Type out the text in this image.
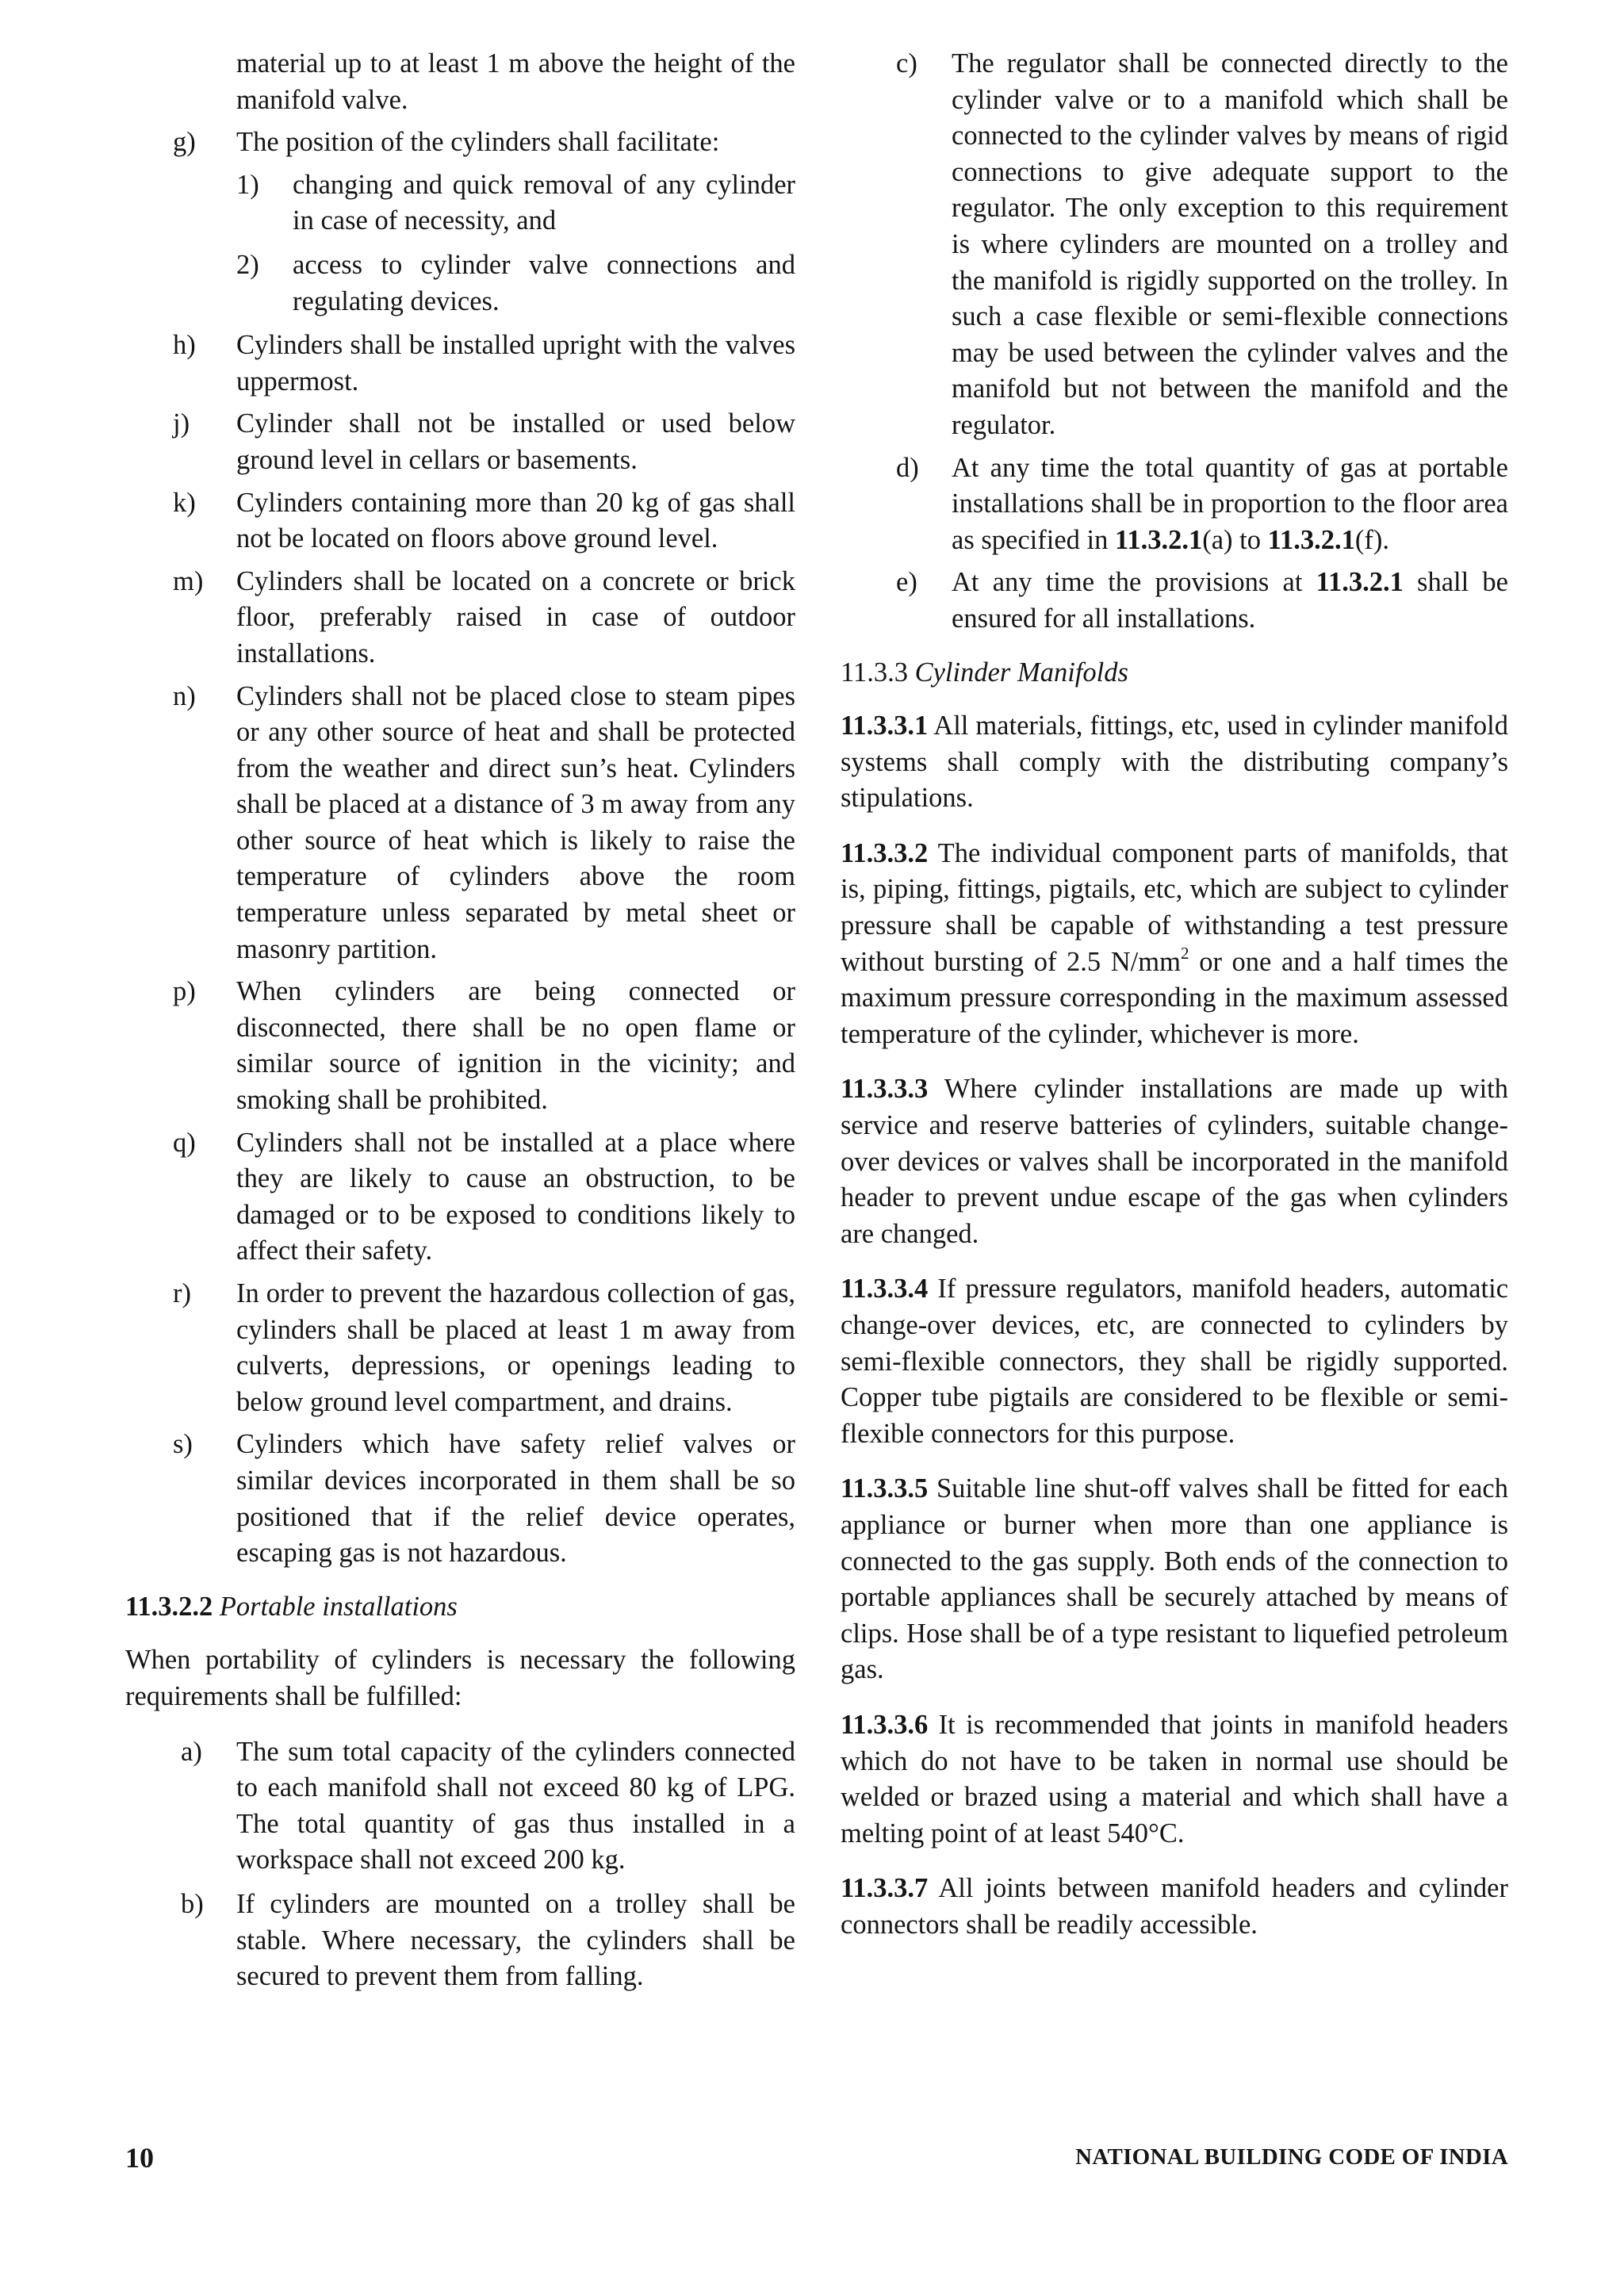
material up to at least 1 m above the height of the manifold valve.
g) The position of the cylinders shall facilitate:
1) changing and quick removal of any cylinder in case of necessity, and
2) access to cylinder valve connections and regulating devices.
h) Cylinders shall be installed upright with the valves uppermost.
j) Cylinder shall not be installed or used below ground level in cellars or basements.
k) Cylinders containing more than 20 kg of gas shall not be located on floors above ground level.
m) Cylinders shall be located on a concrete or brick floor, preferably raised in case of outdoor installations.
n) Cylinders shall not be placed close to steam pipes or any other source of heat and shall be protected from the weather and direct sun’s heat. Cylinders shall be placed at a distance of 3 m away from any other source of heat which is likely to raise the temperature of cylinders above the room temperature unless separated by metal sheet or masonry partition.
p) When cylinders are being connected or disconnected, there shall be no open flame or similar source of ignition in the vicinity; and smoking shall be prohibited.
q) Cylinders shall not be installed at a place where they are likely to cause an obstruction, to be damaged or to be exposed to conditions likely to affect their safety.
r) In order to prevent the hazardous collection of gas, cylinders shall be placed at least 1 m away from culverts, depressions, or openings leading to below ground level compartment, and drains.
s) Cylinders which have safety relief valves or similar devices incorporated in them shall be so positioned that if the relief device operates, escaping gas is not hazardous.
11.3.2.2 Portable installations
When portability of cylinders is necessary the following requirements shall be fulfilled:
a) The sum total capacity of the cylinders connected to each manifold shall not exceed 80 kg of LPG. The total quantity of gas thus installed in a workspace shall not exceed 200 kg.
b) If cylinders are mounted on a trolley shall be stable. Where necessary, the cylinders shall be secured to prevent them from falling.
c) The regulator shall be connected directly to the cylinder valve or to a manifold which shall be connected to the cylinder valves by means of rigid connections to give adequate support to the regulator. The only exception to this requirement is where cylinders are mounted on a trolley and the manifold is rigidly supported on the trolley. In such a case flexible or semi-flexible connections may be used between the cylinder valves and the manifold but not between the manifold and the regulator.
d) At any time the total quantity of gas at portable installations shall be in proportion to the floor area as specified in 11.3.2.1(a) to 11.3.2.1(f).
e) At any time the provisions at 11.3.2.1 shall be ensured for all installations.
11.3.3 Cylinder Manifolds
11.3.3.1 All materials, fittings, etc, used in cylinder manifold systems shall comply with the distributing company’s stipulations.
11.3.3.2 The individual component parts of manifolds, that is, piping, fittings, pigtails, etc, which are subject to cylinder pressure shall be capable of withstanding a test pressure without bursting of 2.5 $N/mm^2$ or one and a half times the maximum pressure corresponding in the maximum assessed temperature of the cylinder, whichever is more.
11.3.3.3 Where cylinder installations are made up with service and reserve batteries of cylinders, suitable change-over devices or valves shall be incorporated in the manifold header to prevent undue escape of the gas when cylinders are changed.
11.3.3.4 If pressure regulators, manifold headers, automatic change-over devices, etc, are connected to cylinders by semi-flexible connectors, they shall be rigidly supported. Copper tube pigtails are considered to be flexible or semi-flexible connectors for this purpose.
11.3.3.5 Suitable line shut-off valves shall be fitted for each appliance or burner when more than one appliance is connected to the gas supply. Both ends of the connection to portable appliances shall be securely attached by means of clips. Hose shall be of a type resistant to liquefied petroleum gas.
11.3.3.6 It is recommended that joints in manifold headers which do not have to be taken in normal use should be welded or brazed using a material and which shall have a melting point of at least 540°C.
11.3.3.7 All joints between manifold headers and cylinder connectors shall be readily accessible.
10	NATIONAL BUILDING CODE OF INDIA
